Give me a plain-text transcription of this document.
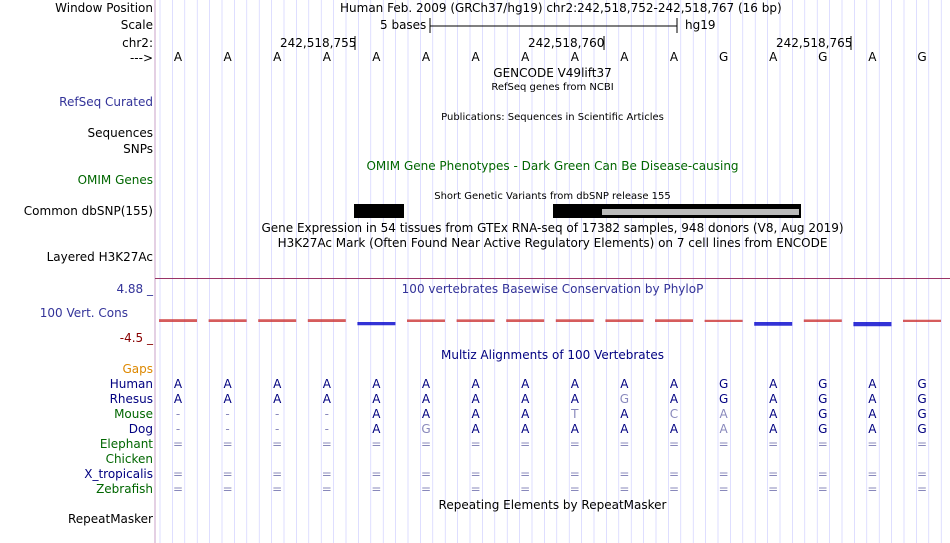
Window Position	Human Feb. 2009 (GRCh37/hg19) chr2:242,518,752-242,518,767 (16 bp)
Scale	5 bases	hg19
chr2:	242,518,755	242,518,760	242,518,765
---> A	A	A	A	A	A	A	A	A	A	A	G	A	G	A	G
GENCODE V49lift37
RefSeq genes from NCBI
RefSeq Curated
Publications: Sequences in Scientific Articles
Sequences
SNPs
OMIM Gene Phenotypes - Dark Green Can Be Disease-causing
OMIM Genes
Short Genetic Variants from dbSNP release 155
Common dbSNP(155)
Gene Expression in 54 tissues from GTEx RNA-seq of 17382 samples, 948 donors (V8, Aug 2019)
H3K27Ac Mark (Often Found Near Active Regulatory Elements) on 7 cell lines from ENCODE
Layered H3K27Ac
4.88 _	100 vertebrates Basewise Conservation by PhyloP
100 Vert. Cons
-4.5 _
Multiz Alignments of 100 Vertebrates
Gaps
Human A	A	A	A	A	A	A	A	A	A	A	G	A	G	A	G
Rhesus A	A	A	A	A	A	A	A	A	G	A	G	A	G	A	G
Mouse	-	-	-	-	A	A	A	A	T	A	C	A	A	G	A	G
Dog	-	-	-	-	A	G	A	A	A	A	A	A	A	G	A	G
Elephant =	=	=	=	=	=	=	=	=	=	=	=	=	=	=	=
Chicken
X_tropicalis =	=	=	=	=	=	=	=	=	=	=	=	=	=	=	=
Zebrafish =	=	=	=	=	=	=	=	=	=	=	=	=	=	=	=
Repeating Elements by RepeatMasker
RepeatMasker
